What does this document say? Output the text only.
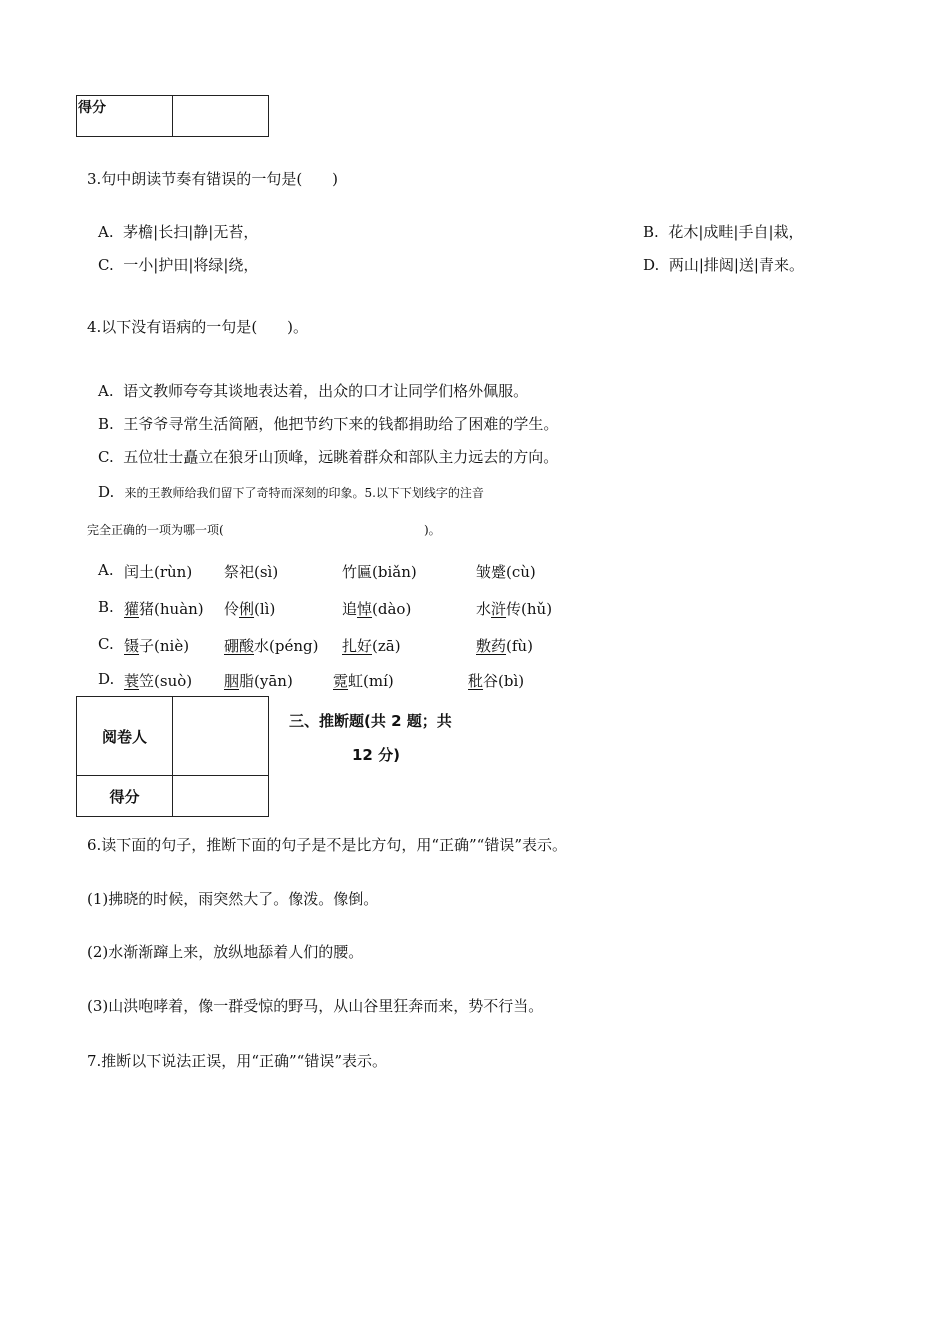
得分

3.句中朗读节奏有错误的一句是(　　)
A. 茅檐|长扫|静|无苔，	B. 花木|成畦|手自|栽，
C. 一小|护田|将绿|绕，	D. 两山|排闼|送|青来。
4.以下没有语病的一句是(　　)。
A. 语文教师夸夸其谈地表达着，出众的口才让同学们格外佩服。
B. 王爷爷寻常生活简陋，他把节约下来的钱都捐助给了困难的学生。
C. 五位壮士矗立在狼牙山顶峰，远眺着群众和部队主力远去的方向。
D. 来的王教师给我们留下了奇特而深刻的印象。5.以下下划线字的注音
完全正确的一项为哪一项(	)。
A. 闰土(rùn) 祭祀(sì)	竹匾(biǎn)	皱蹙(cù)
B. 獾猪(huàn) 伶俐(lì)	追悼(dào)	水浒传(hǔ)
C. 镊子(niè) 硼酸水(péng) 扎好(zā)	敷药(fù)
D. 蓑笠(suò) 胭脂(yān)	霓虹(mí)	秕谷(bì)
阅卷人	
得分	
三、推断题(共 2 题；共
12 分)
6.读下面的句子，推断下面的句子是不是比方句，用“正确”“错误”表示。
(1)拂晓的时候，雨突然大了。像泼。像倒。
(2)水渐渐蹿上来，放纵地舔着人们的腰。
(3)山洪咆哮着，像一群受惊的野马，从山谷里狂奔而来，势不行当。
7.推断以下说法正误，用“正确”“错误”表示。
